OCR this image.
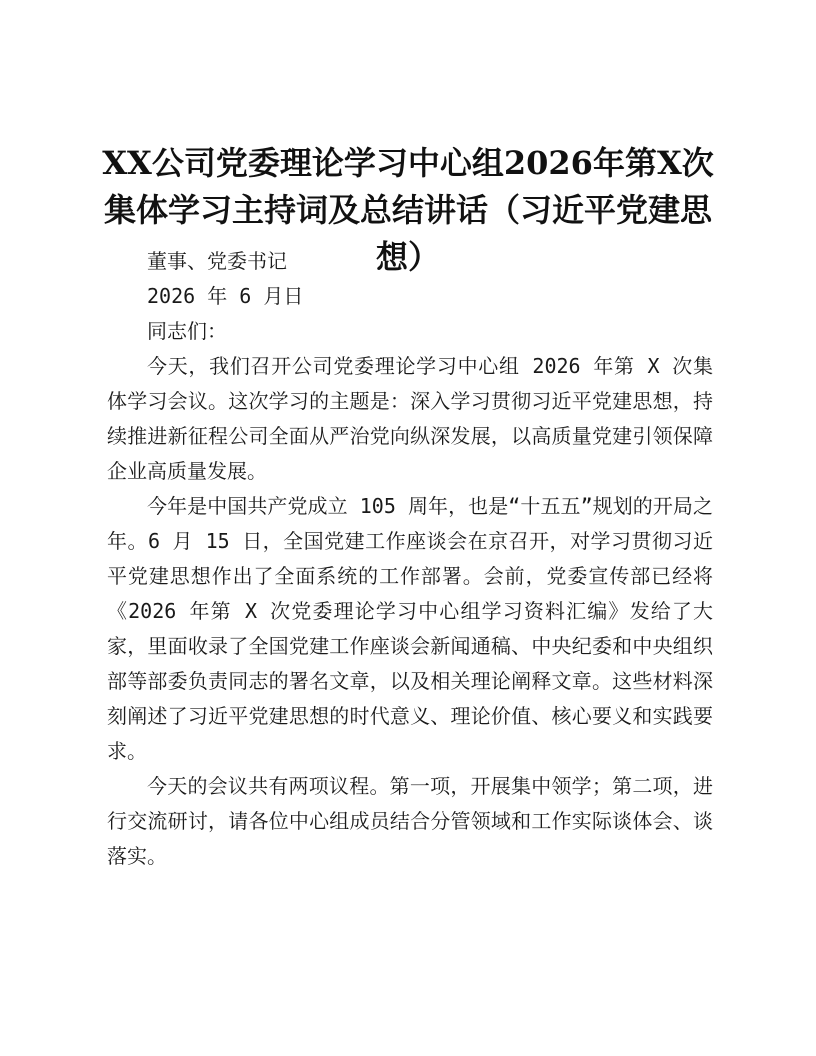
XX公司党委理论学习中心组2026年第X次集体学习主持词及总结讲话（习近平党建思想）

董事、党委书记

2026 年 6 月日

同志们：

今天，我们召开公司党委理论学习中心组 2026 年第 X 次集体学习会议。这次学习的主题是：深入学习贯彻习近平党建思想，持续推进新征程公司全面从严治党向纵深发展，以高质量党建引领保障企业高质量发展。

今年是中国共产党成立 105 周年，也是“十五五”规划的开局之年。6 月 15 日，全国党建工作座谈会在京召开，对学习贯彻习近平党建思想作出了全面系统的工作部署。会前，党委宣传部已经将《2026 年第 X 次党委理论学习中心组学习资料汇编》发给了大家，里面收录了全国党建工作座谈会新闻通稿、中央纪委和中央组织部等部委负责同志的署名文章，以及相关理论阐释文章。这些材料深刻阐述了习近平党建思想的时代意义、理论价值、核心要义和实践要求。

今天的会议共有两项议程。第一项，开展集中领学；第二项，进行交流研讨，请各位中心组成员结合分管领域和工作实际谈体会、谈落实。
